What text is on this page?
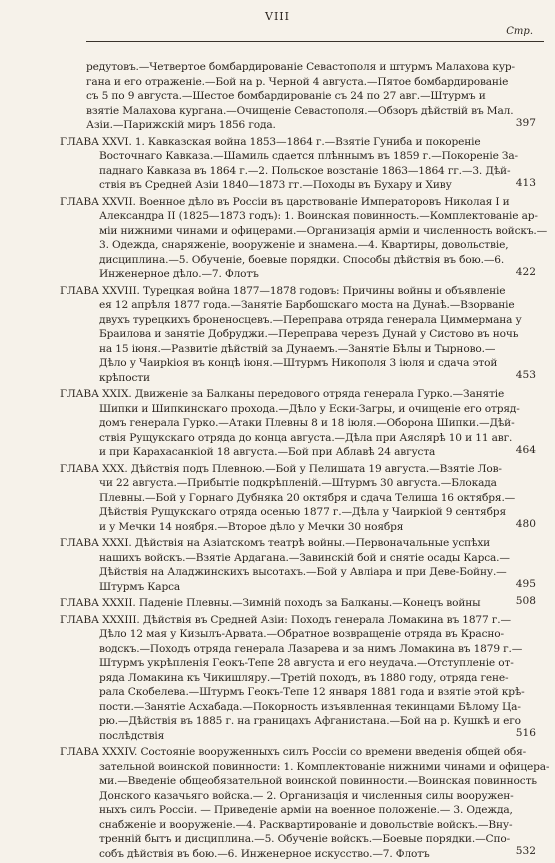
VIII
Стр.
редутовъ.—Четвертое бомбардированіе Севастополя и штурмъ Малахова кур-
гана и его отраженіе.—Бой на р. Черной 4 августа.—Пятое бомбардированіе
съ 5 по 9 августа.—Шестое бомбардированіе съ 24 по 27 авг.—Штурмъ и
взятіе Малахова кургана.—Очищеніе Севастополя.—Обзоръ дѣйствій въ Мал.
Азіи.—Парижскій миръ 1856 года.	397
ГЛАВА XXVI. 1. Кавказская война 1853—1864 г.—Взятіе Гуниба и покореніе
Восточнаго Кавказа.—Шамиль сдается плѣннымъ въ 1859 г.—Покореніе За-
паднаго Кавказа въ 1864 г.—2. Польское возстаніе 1863—1864 гг.—3. Дѣй-
ствія въ Средней Азіи 1840—1873 гг.—Походы въ Бухару и Хиву	413
ГЛАВА XXVII. Военное дѣло въ Россіи въ царствованіе Императоровъ Николая I и
Александра II (1825—1873 годъ): 1. Воинская повинность.—Комплектованіе ар-
міи нижними чинами и офицерами.—Организація арміи и численность войскъ.—
3. Одежда, снаряженіе, вооруженіе и знамена.—4. Квартиры, довольствіе,
дисциплина.—5. Обученіе, боевые порядки. Способы дѣйствія въ бою.—6.
Инженерное дѣло.—7. Флотъ	422
ГЛАВА XXVIII. Турецкая война 1877—1878 годовъ: Причины войны и объявленіе
ея 12 апрѣля 1877 года.—Занятіе Барбошскаго моста на Дунаѣ.—Взорваніе
двухъ турецкихъ броненосцевъ.—Переправа отряда генерала Циммермана у
Браилова и занятіе Добруджи.—Переправа черезъ Дунай у Систово въ ночь
на 15 іюня.—Развитіе дѣйствій за Дунаемъ.—Занятіе Бѣлы и Тырново.—
Дѣло у Чаирkioя въ концѣ іюня.—Штурмъ Никополя 3 іюля и сдача этой
крѣпости	453
ГЛАВА XXIX. Движеніе за Балканы передового отряда генерала Гурко.—Занятіе
Шипки и Шипкинскаго прохода.—Дѣло у Ески-Загры, и очищеніе его отряд-
домъ генерала Гурко.—Атаки Плевны 8 и 18 іюля.—Оборона Шипки.—Дѣй-
ствія Рущукскаго отряда до конца августа.—Дѣла при Аяслярѣ 10 и 11 авг.
и при Карахасанкіой 18 августа.—Бой при Аблавѣ 24 августа	464
ГЛАВА XXX. Дѣйствія подъ Плевною.—Бой у Пелишата 19 августа.—Взятіе Лов-
чи 22 августа.—Прибытіе подкрѣпленій.—Штурмъ 30 августа.—Блокада
Плевны.—Бой у Горнаго Дубняка 20 октября и сдача Телиша 16 октября.—
Дѣйствія Рущукскаго отряда осенью 1877 г.—Дѣла у Чаиркіой 9 сентября
и у Мечки 14 ноября.—Второе дѣло у Мечки 30 ноября	480
ГЛАВА XXXI. Дѣйствія на Азіатскомъ театрѣ войны.—Первоначальные успѣхи
нашихъ войскъ.—Взятіе Ардагана.—Завинскій бой и снятіе осады Карса.—
Дѣйствія на Аладжинскихъ высотахъ.—Бой у Авліара и при Деве-Бойну.—
Штурмъ Карса	495
ГЛАВА XXXII. Паденіе Плевны.—Зимній походъ за Балканы.—Конецъ войны	508
ГЛАВА XXXIII. Дѣйствія въ Средней Азіи: Походъ генерала Ломакина въ 1877 г.—
Дѣло 12 мая у Кизылъ-Арвата.—Обратное возвращеніе отряда въ Красно-
водскъ.—Походъ отряда генерала Лазарева и за нимъ Ломакина въ 1879 г.—
Штурмъ укрѣпленія Геокъ-Тепе 28 августа и его неудача.—Отступленіе от-
ряда Ломакина къ Чикишляру.—Третій походъ, въ 1880 году, отряда гене-
рала Скобелева.—Штурмъ Геокъ-Тепе 12 января 1881 года и взятіе этой крѣ-
пости.—Занятіе Асхабада.—Покорность изъявленная текинцами Бѣлому Ца-
рю.—Дѣйствія въ 1885 г. на границахъ Афганистана.—Бой на р. Кушкѣ и его
послѣдствія	516
ГЛАВА XXXIV. Состояніе вооруженныхъ силъ Россіи со времени введенія общей обя-
зательной воинской повинности: 1. Комплектованіе нижними чинами и офицера-
ми.—Введеніе общеобязательной воинской повинности.—Воинская повинность
Донского казачьяго войска.— 2. Организація и численныя силы вооружен-
ныхъ силъ Россіи. — Приведеніе арміи на военное положеніе.— 3. Одежда,
снабженіе и вооруженіе.—4. Расквартированіе и довольствіе войскъ.—Вну-
тренній бытъ и дисциплина.—5. Обученіе войскъ.—Боевые порядки.—Спо-
собъ дѣйствія въ бою.—6. Инженерное искусство.—7. Флотъ	532
